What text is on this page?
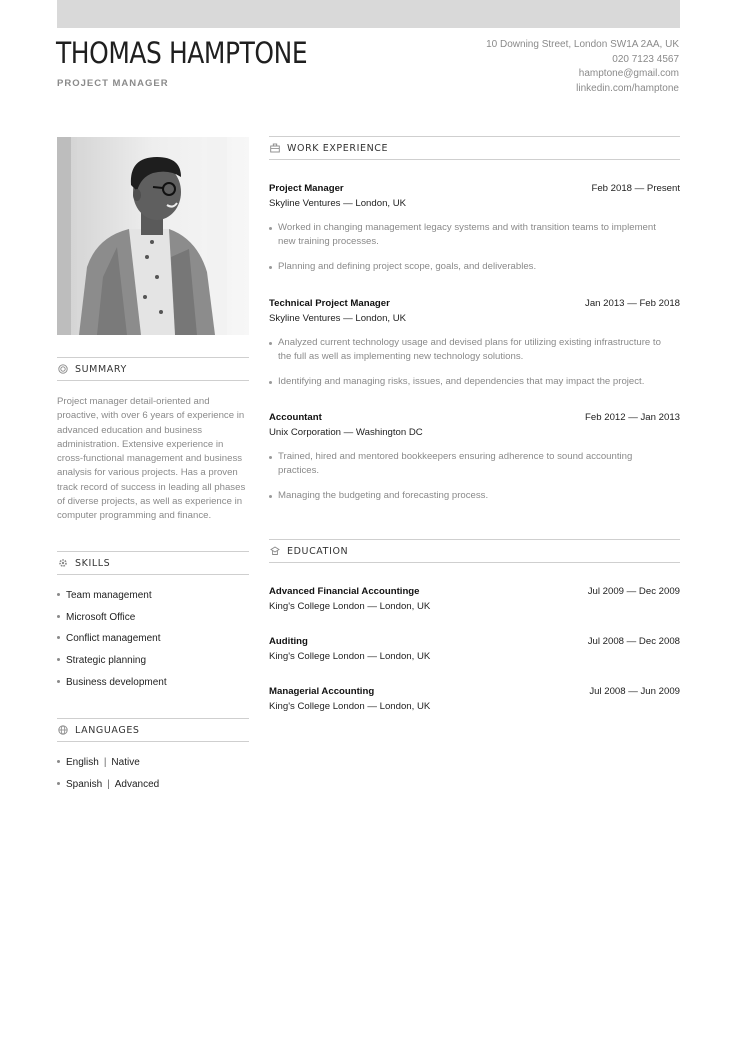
THOMAS HAMPTONE
PROJECT MANAGER
10 Downing Street, London SW1A 2AA, UK
020 7123 4567
hamptone@gmail.com
linkedin.com/hamptone
SUMMARY
Project manager detail-oriented and proactive, with over 6 years of experience in advanced education and business administration. Extensive experience in cross-functional management and business analysis for various projects. Has a proven track record of success in leading all phases of diverse projects, as well as experience in computer programming and finance.
SKILLS
Team management
Microsoft Office
Conflict management
Strategic planning
Business development
LANGUAGES
English | Native
Spanish | Advanced
WORK EXPERIENCE
Project Manager	Feb 2018 — Present
Skyline Ventures — London, UK
Worked in changing management legacy systems and with transition teams to implement new training processes.
Planning and defining project scope, goals, and deliverables.
Technical Project Manager	Jan 2013 — Feb 2018
Skyline Ventures — London, UK
Analyzed current technology usage and devised plans for utilizing existing infrastructure to the full as well as implementing new technology solutions.
Identifying and managing risks, issues, and dependencies that may impact the project.
Accountant	Feb 2012 — Jan 2013
Unix Corporation — Washington DC
Trained, hired and mentored bookkeepers ensuring adherence to sound accounting practices.
Managing the budgeting and forecasting process.
EDUCATION
Advanced Financial Accountinge	Jul 2009 — Dec 2009
King's College London — London, UK
Auditing	Jul 2008 — Dec 2008
King's College London — London, UK
Managerial Accounting	Jul 2008 — Jun 2009
King's College London — London, UK
